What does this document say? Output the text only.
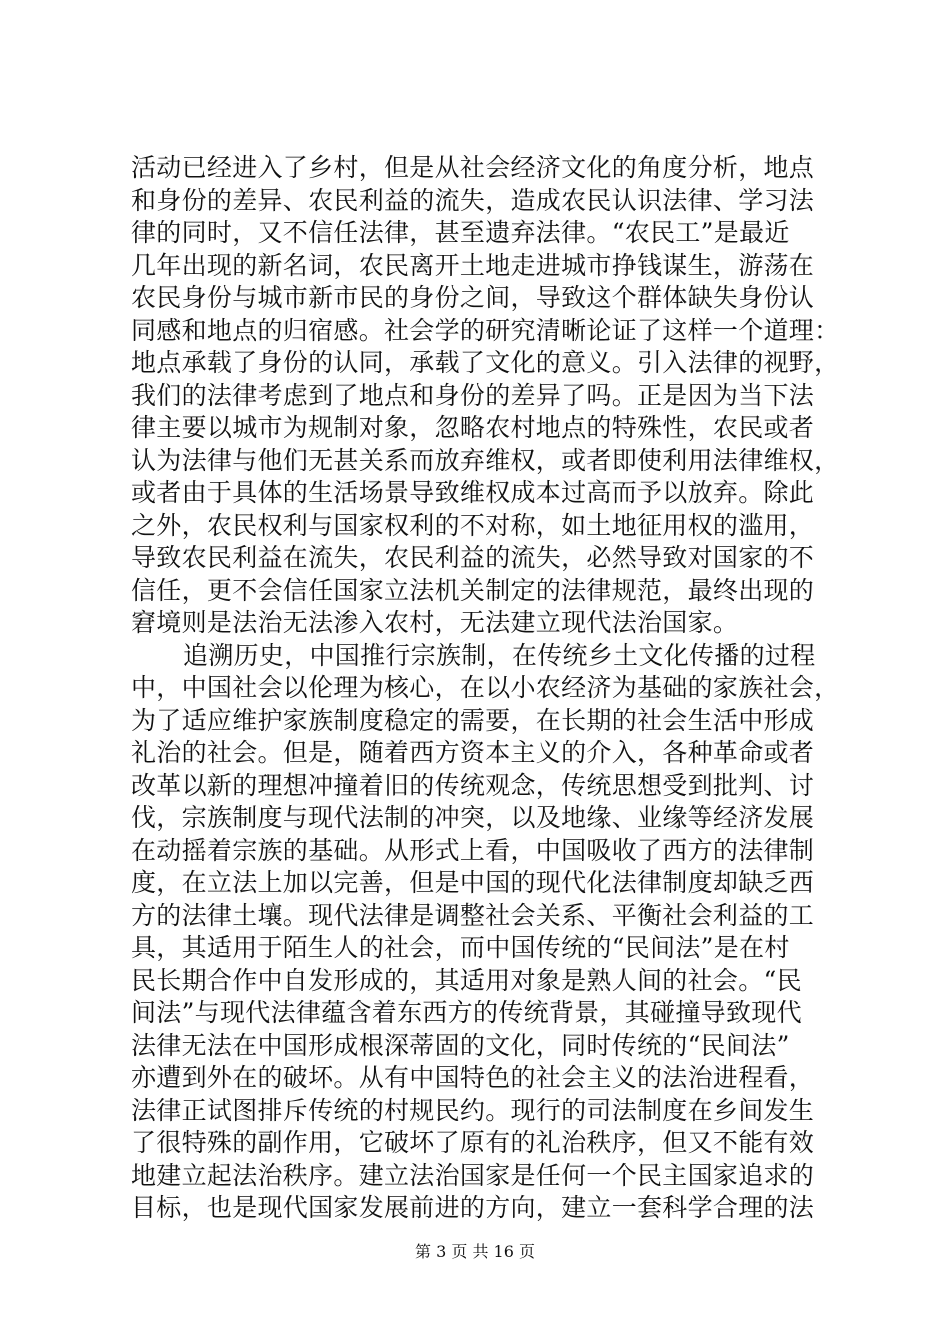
活动已经进入了乡村，但是从社会经济文化的角度分析，地点
和身份的差异、农民利益的流失，造成农民认识法律、学习法
律的同时，又不信任法律，甚至遗弃法律。“农民工”是最近
几年出现的新名词，农民离开土地走进城市挣钱谋生，游荡在
农民身份与城市新市民的身份之间，导致这个群体缺失身份认
同感和地点的归宿感。社会学的研究清晰论证了这样一个道理：
地点承载了身份的认同，承载了文化的意义。引入法律的视野，
我们的法律考虑到了地点和身份的差异了吗。正是因为当下法
律主要以城市为规制对象，忽略农村地点的特殊性，农民或者
认为法律与他们无甚关系而放弃维权，或者即使利用法律维权，
或者由于具体的生活场景导致维权成本过高而予以放弃。除此
之外，农民权利与国家权利的不对称，如土地征用权的滥用，
导致农民利益在流失，农民利益的流失，必然导致对国家的不
信任，更不会信任国家立法机关制定的法律规范，最终出现的
窘境则是法治无法渗入农村，无法建立现代法治国家。

追溯历史，中国推行宗族制，在传统乡土文化传播的过程
中，中国社会以伦理为核心，在以小农经济为基础的家族社会，
为了适应维护家族制度稳定的需要，在长期的社会生活中形成
礼治的社会。但是，随着西方资本主义的介入，各种革命或者
改革以新的理想冲撞着旧的传统观念，传统思想受到批判、讨
伐，宗族制度与现代法制的冲突，以及地缘、业缘等经济发展
在动摇着宗族的基础。从形式上看，中国吸收了西方的法律制
度，在立法上加以完善，但是中国的现代化法律制度却缺乏西
方的法律土壤。现代法律是调整社会关系、平衡社会利益的工
具，其适用于陌生人的社会，而中国传统的“民间法”是在村
民长期合作中自发形成的，其适用对象是熟人间的社会。“民
间法”与现代法律蕴含着东西方的传统背景，其碰撞导致现代
法律无法在中国形成根深蒂固的文化，同时传统的“民间法”
亦遭到外在的破坏。从有中国特色的社会主义的法治进程看，
法律正试图排斥传统的村规民约。现行的司法制度在乡间发生
了很特殊的副作用，它破坏了原有的礼治秩序，但又不能有效
地建立起法治秩序。建立法治国家是任何一个民主国家追求的
目标，也是现代国家发展前进的方向，建立一套科学合理的法

第 3 页 共 16 页
